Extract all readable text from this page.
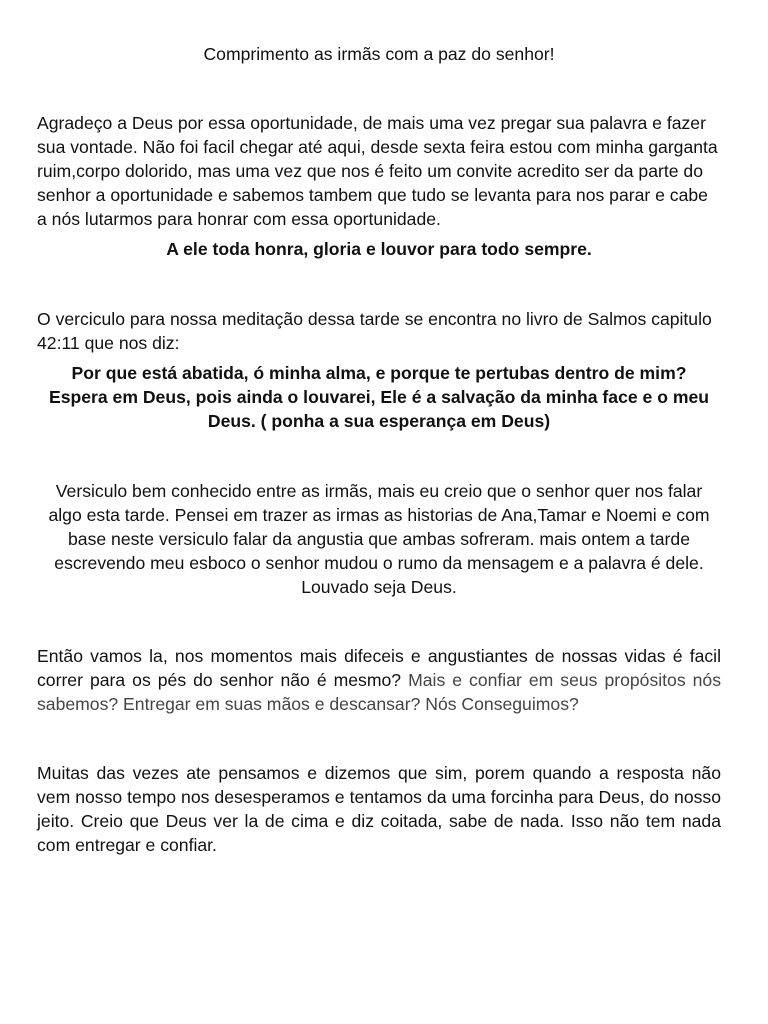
Comprimento as irmãs com a paz do senhor!

Agradeço a Deus por essa oportunidade, de mais uma vez pregar sua palavra e fazer sua vontade. Não foi facil chegar até aqui, desde sexta feira estou com minha garganta ruim,corpo dolorido, mas uma vez que nos é feito um convite acredito ser da parte do senhor a oportunidade e sabemos tambem que tudo se levanta para nos parar e cabe a nós lutarmos para honrar com essa oportunidade.

A ele toda honra, gloria e louvor para todo sempre.

O verciculo para nossa meditação dessa tarde se encontra no livro de Salmos capitulo 42:11 que nos diz:

Por que está abatida, ó minha alma, e porque te pertubas dentro de mim? Espera em Deus, pois ainda o louvarei, Ele é a salvação da minha face e o meu Deus. ( ponha a sua esperança em Deus)

Versiculo bem conhecido entre as irmãs, mais eu creio que o senhor quer nos falar algo esta tarde. Pensei em trazer as irmas as historias de Ana,Tamar e Noemi e com base neste versiculo falar da angustia que ambas sofreram. mais ontem a tarde escrevendo meu esboco o senhor mudou o rumo da mensagem e a palavra é dele. Louvado seja Deus.

Então vamos la, nos momentos mais difeceis e angustiantes de nossas vidas é facil correr para os pés do senhor não é mesmo? Mais e confiar em seus propósitos nós sabemos? Entregar em suas mãos e descansar? Nós Conseguimos?

Muitas das vezes ate pensamos e dizemos que sim, porem quando a resposta não vem nosso tempo nos desesperamos e tentamos da uma forcinha para Deus, do nosso jeito. Creio que Deus ver la de cima e diz coitada, sabe de nada. Isso não tem nada com entregar e confiar.
